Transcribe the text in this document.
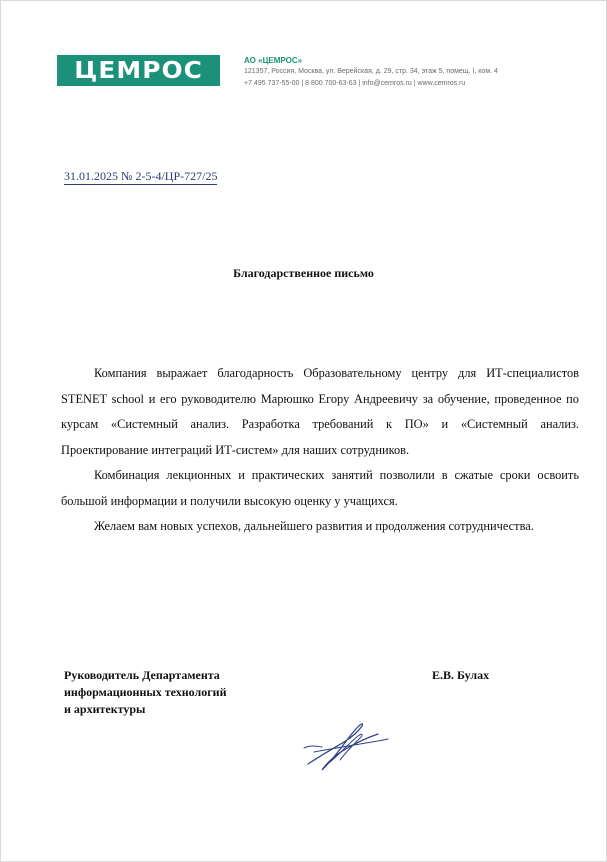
ЦЕМРОС	АО «ЦЕМРОС»
121357, Россия, Москва, ул. Верейская, д. 29, стр. 34, этаж 5, помещ. I, ком. 4
+7 495 737-55-00 | 8 800 700-63-63 | info@cemros.ru | www.cemros.ru
31.01.2025 № 2-5-4/ЦР-727/25
Благодарственное письмо

Компания выражает благодарность Образовательному центру для ИТ-специалистов STENET school и его руководителю Марюшко Егору Андреевичу за обучение, проведенное по курсам «Системный анализ. Разработка требований к ПО» и «Системный анализ. Проектирование интеграций ИТ-систем» для наших сотрудников.

Комбинация лекционных и практических занятий позволили в сжатые сроки освоить большой информации и получили высокую оценку у учащихся.

Желаем вам новых успехов, дальнейшего развития и продолжения сотрудничества.

Руководитель Департамента
информационных технологий
и архитектуры
Е.В. Булах
